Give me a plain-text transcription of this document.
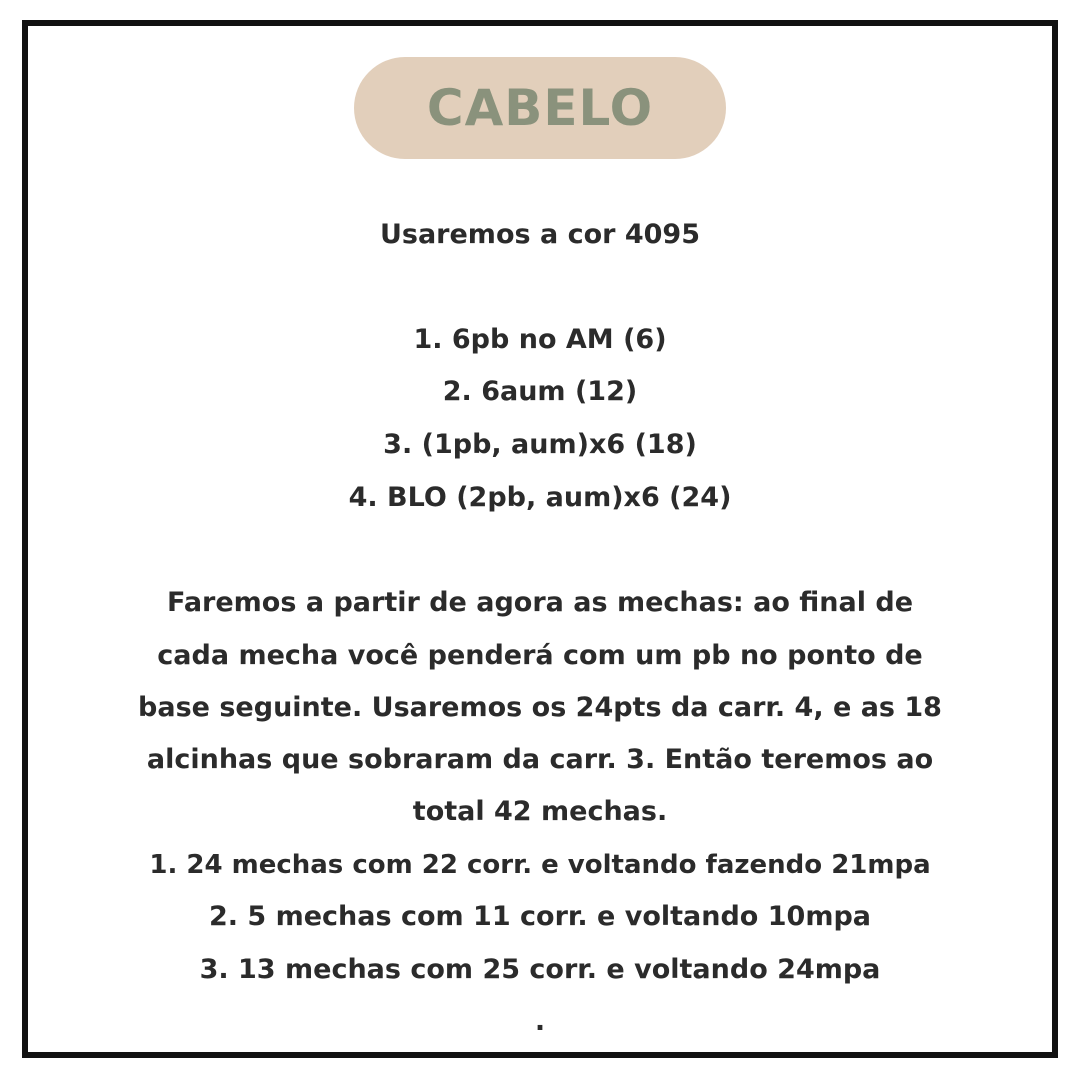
CABELO
Usaremos a cor 4095
1. 6pb no AM (6)
2. 6aum (12)
3. (1pb, aum)x6 (18)
4. BLO (2pb, aum)x6 (24)
Faremos a partir de agora as mechas: ao final de
cada mecha você penderá com um pb no ponto de
base seguinte. Usaremos os 24pts da carr. 4, e as 18
alcinhas que sobraram da carr. 3. Então teremos ao
total 42 mechas.
1. 24 mechas com 22 corr. e voltando fazendo 21mpa
2. 5 mechas com 11 corr. e voltando 10mpa
3. 13 mechas com 25 corr. e voltando 24mpa
.
